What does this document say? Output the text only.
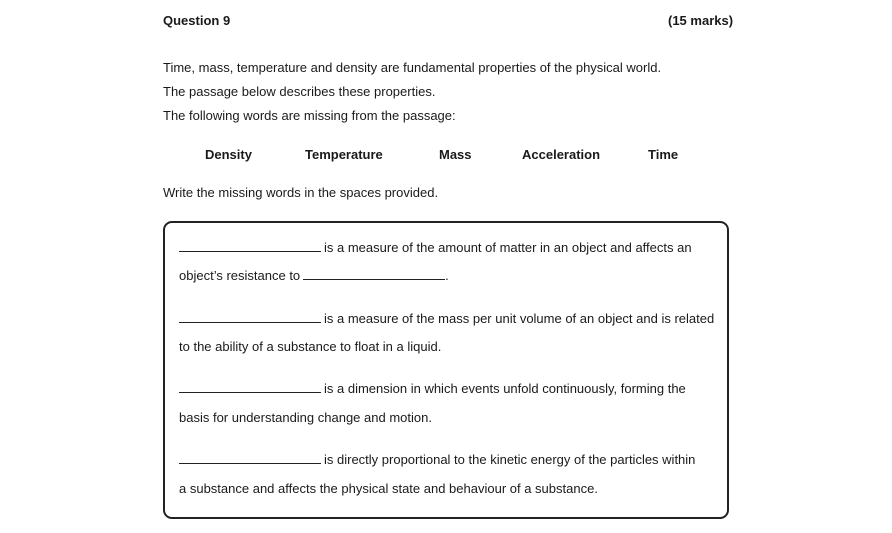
Question 9	(15 marks)
Time, mass, temperature and density are fundamental properties of the physical world.
The passage below describes these properties.
The following words are missing from the passage:
Density	Temperature	Mass	Acceleration	Time
Write the missing words in the spaces provided.
is a measure of the amount of matter in an object and affects an
object’s resistance to	.
is a measure of the mass per unit volume of an object and is related
to the ability of a substance to float in a liquid.
is a dimension in which events unfold continuously, forming the
basis for understanding change and motion.
is directly proportional to the kinetic energy of the particles within
a substance and affects the physical state and behaviour of a substance.
